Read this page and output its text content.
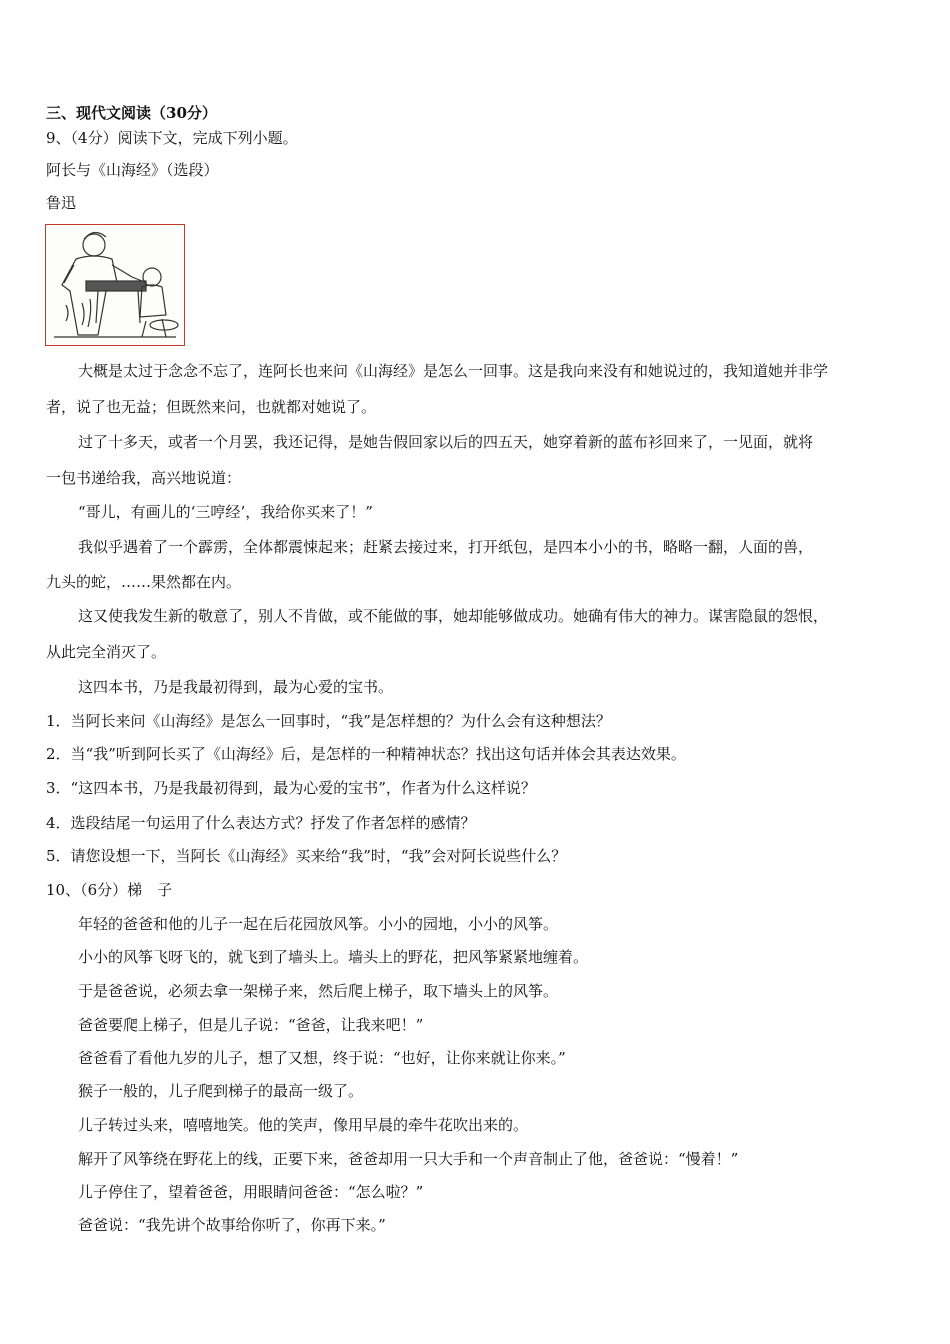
三、现代文阅读（30分）
9、（4分）阅读下文，完成下列小题。
阿长与《山海经》（选段）
鲁迅
大概是太过于念念不忘了，连阿长也来问《山海经》是怎么一回事。这是我向来没有和她说过的，我知道她并非学
者，说了也无益；但既然来问，也就都对她说了。
过了十多天，或者一个月罢，我还记得，是她告假回家以后的四五天，她穿着新的蓝布衫回来了，一见面，就将
一包书递给我，高兴地说道：
“哥儿，有画儿的‘三哼经’，我给你买来了！”
我似乎遇着了一个霹雳，全体都震悚起来；赶紧去接过来，打开纸包，是四本小小的书，略略一翻，人面的兽，
九头的蛇，……果然都在内。
这又使我发生新的敬意了，别人不肯做，或不能做的事，她却能够做成功。她确有伟大的神力。谋害隐鼠的怨恨，
从此完全消灭了。
这四本书，乃是我最初得到，最为心爱的宝书。
1．当阿长来问《山海经》是怎么一回事时，“我”是怎样想的？为什么会有这种想法？
2．当“我”听到阿长买了《山海经》后，是怎样的一种精神状态？找出这句话并体会其表达效果。
3．“这四本书，乃是我最初得到，最为心爱的宝书”，作者为什么这样说？
4．选段结尾一句运用了什么表达方式？抒发了作者怎样的感情？
5．请您设想一下，当阿长《山海经》买来给“我”时，“我”会对阿长说些什么？
10、（6分）梯　子
年轻的爸爸和他的儿子一起在后花园放风筝。小小的园地，小小的风筝。
小小的风筝飞呀飞的，就飞到了墙头上。墙头上的野花，把风筝紧紧地缠着。
于是爸爸说，必须去拿一架梯子来，然后爬上梯子，取下墙头上的风筝。
爸爸要爬上梯子，但是儿子说：“爸爸，让我来吧！”
爸爸看了看他九岁的儿子，想了又想，终于说：“也好，让你来就让你来。”
猴子一般的，儿子爬到梯子的最高一级了。
儿子转过头来，嘻嘻地笑。他的笑声，像用早晨的牵牛花吹出来的。
解开了风筝绕在野花上的线，正要下来，爸爸却用一只大手和一个声音制止了他，爸爸说：“慢着！”
儿子停住了，望着爸爸，用眼睛问爸爸：“怎么啦？”
爸爸说：“我先讲个故事给你听了，你再下来。”
